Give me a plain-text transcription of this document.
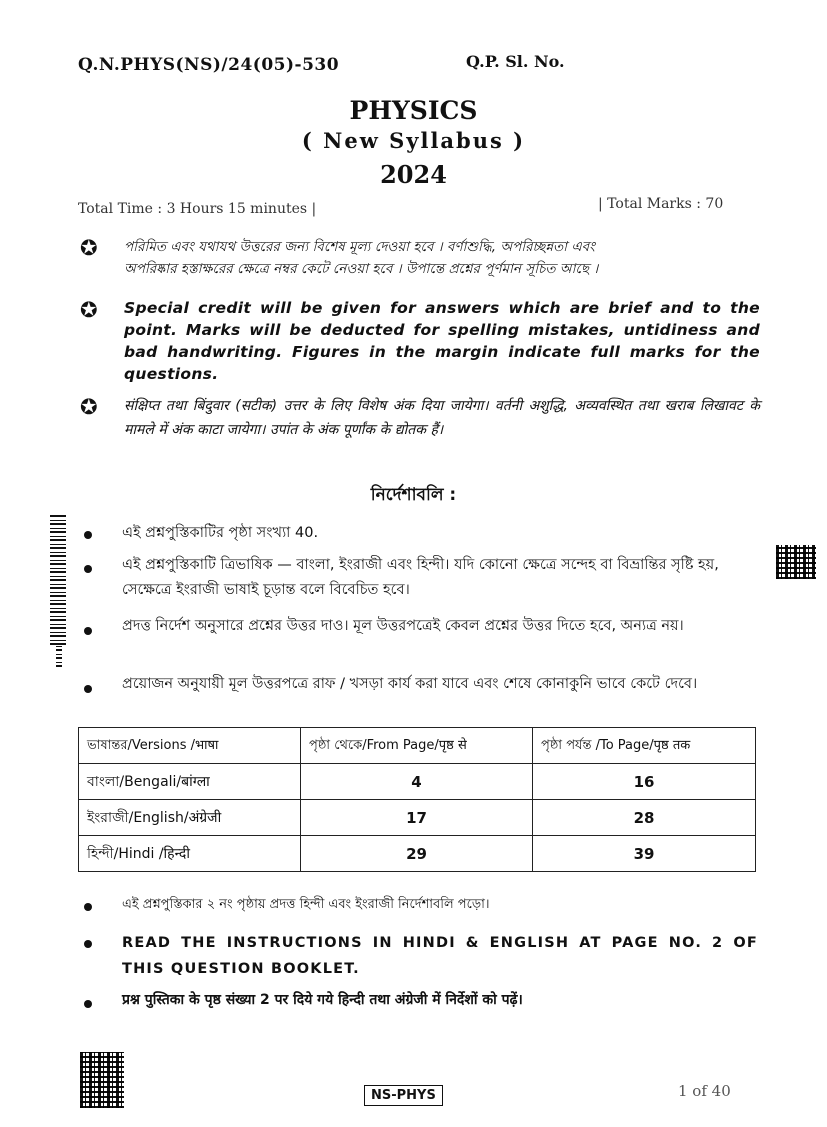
Q.N.PHYS(NS)/24(05)-530	Q.P. Sl. No.
PHYSICS
( New Syllabus )
2024
Total Time : 3 Hours 15 minutes |	| Total Marks : 70
✪ পরিমিত এবং যথাযথ উত্তরের জন্য বিশেষ মূল্য দেওয়া হবে । বর্ণাশুদ্ধি, অপরিচ্ছন্নতা এবং
অপরিষ্কার হস্তাক্ষরের ক্ষেত্রে নম্বর কেটে নেওয়া হবে । উপান্তে প্রশ্নের পূর্ণমান সূচিত আছে ।
✪ Special credit will be given for answers which are brief and to the point. Marks will be deducted for spelling mistakes, untidiness and bad handwriting. Figures in the margin indicate full marks for the questions.
✪ संक्षिप्त तथा बिंदुवार (सटीक) उत्तर के लिए विशेष अंक दिया जायेगा। वर्तनी अशुद्धि, अव्यवस्थित तथा खराब लिखावट के मामले में अंक काटा जायेगा। उपांत के अंक पूर्णांक के द्योतक हैं।
নির্দেশাবলি :
এই প্রশ্নপুস্তিকাটির পৃষ্ঠা সংখ্যা 40.
এই প্রশ্নপুস্তিকাটি ত্রিভাষিক — বাংলা, ইংরাজী এবং হিন্দী। যদি কোনো ক্ষেত্রে সন্দেহ বা বিভ্রান্তির সৃষ্টি হয়, সেক্ষেত্রে ইংরাজী ভাষাই চূড়ান্ত বলে বিবেচিত হবে।
প্রদত্ত নির্দেশ অনুসারে প্রশ্নের উত্তর দাও। মূল উত্তরপত্রেই কেবল প্রশ্নের উত্তর দিতে হবে, অন্যত্র নয়।
প্রয়োজন অনুযায়ী মূল উত্তরপত্রে রাফ / খসড়া কার্য করা যাবে এবং শেষে কোনাকুনি ভাবে কেটে দেবে।
ভাষান্তর/Versions /भाषा	পৃষ্ঠা থেকে/From Page/पृष्ठ से	পৃষ্ঠা পর্যন্ত /To Page/पृष्ठ तक
বাংলা/Bengali/बांग्ला	4	16
ইংরাজী/English/अंग्रेजी	17	28
হিন্দী/Hindi /हिन्दी	29	39
এই প্রশ্নপুস্তিকার ২ নং পৃষ্ঠায় প্রদত্ত হিন্দী এবং ইংরাজী নির্দেশাবলি পড়ো।
READ THE INSTRUCTIONS IN HINDI & ENGLISH AT PAGE NO. 2 OF THIS QUESTION BOOKLET.
प्रश्न पुस्तिका के पृष्ठ संख्या 2 पर दिये गये हिन्दी तथा अंग्रेजी में निर्देशों को पढ़ें।
NS-PHYS	1 of 40
